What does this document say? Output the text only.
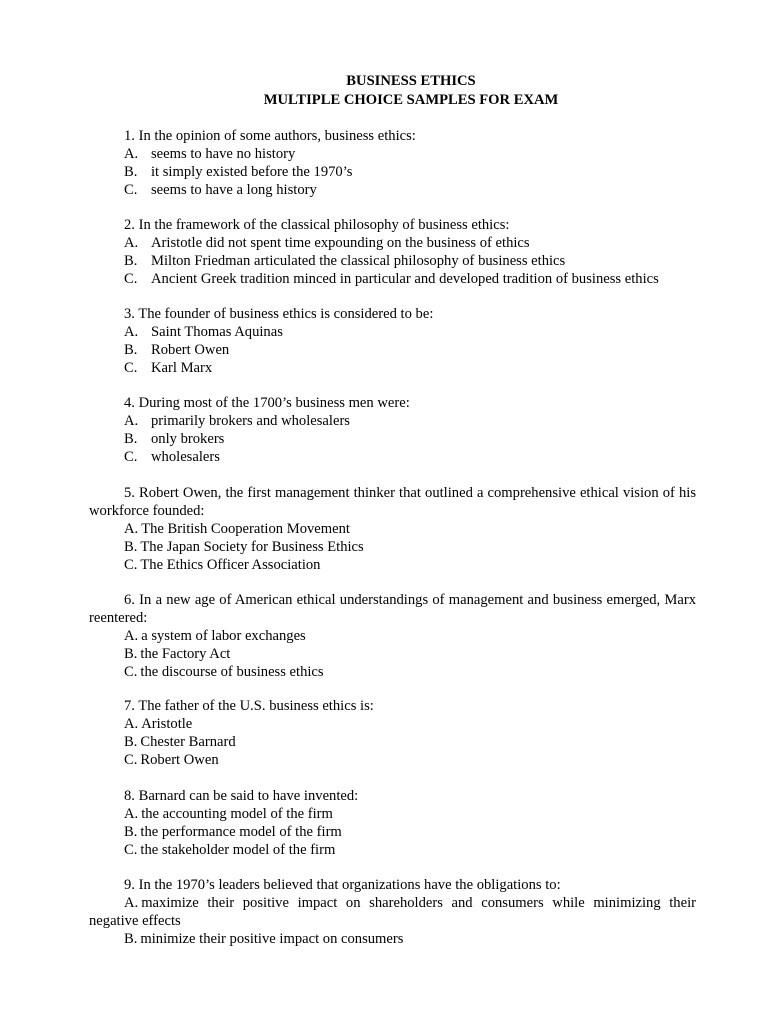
BUSINESS ETHICS

MULTIPLE CHOICE SAMPLES FOR EXAM

1. In the opinion of some authors, business ethics:

A. seems to have no history
B. it simply existed before the 1970’s
C. seems to have a long history

2. In the framework of the classical philosophy of business ethics:

A. Aristotle did not spent time expounding on the business of ethics
B. Milton Friedman articulated the classical philosophy of business ethics
C. Ancient Greek tradition minced in particular and developed tradition of business ethics

3. The founder of business ethics is considered to be:

A. Saint Thomas Aquinas
B. Robert Owen
C. Karl Marx

4. During most of the 1700’s business men were:

A. primarily brokers and wholesalers
B. only brokers
C. wholesalers

5. Robert Owen, the first management thinker that outlined a comprehensive ethical vision of his workforce founded:

A. The British Cooperation Movement
B. The Japan Society for Business Ethics
C. The Ethics Officer Association

6. In a new age of American ethical understandings of management and business emerged, Marx reentered:

A. a system of labor exchanges
B. the Factory Act
C. the discourse of business ethics

7. The father of the U.S. business ethics is:

A. Aristotle
B. Chester Barnard
C. Robert Owen

8. Barnard can be said to have invented:

A. the accounting model of the firm
B. the performance model of the firm
C. the stakeholder model of the firm

9. In the 1970’s leaders believed that organizations have the obligations to:

A. maximize their positive impact on shareholders and consumers while minimizing their negative effects
B. minimize their positive impact on consumers
